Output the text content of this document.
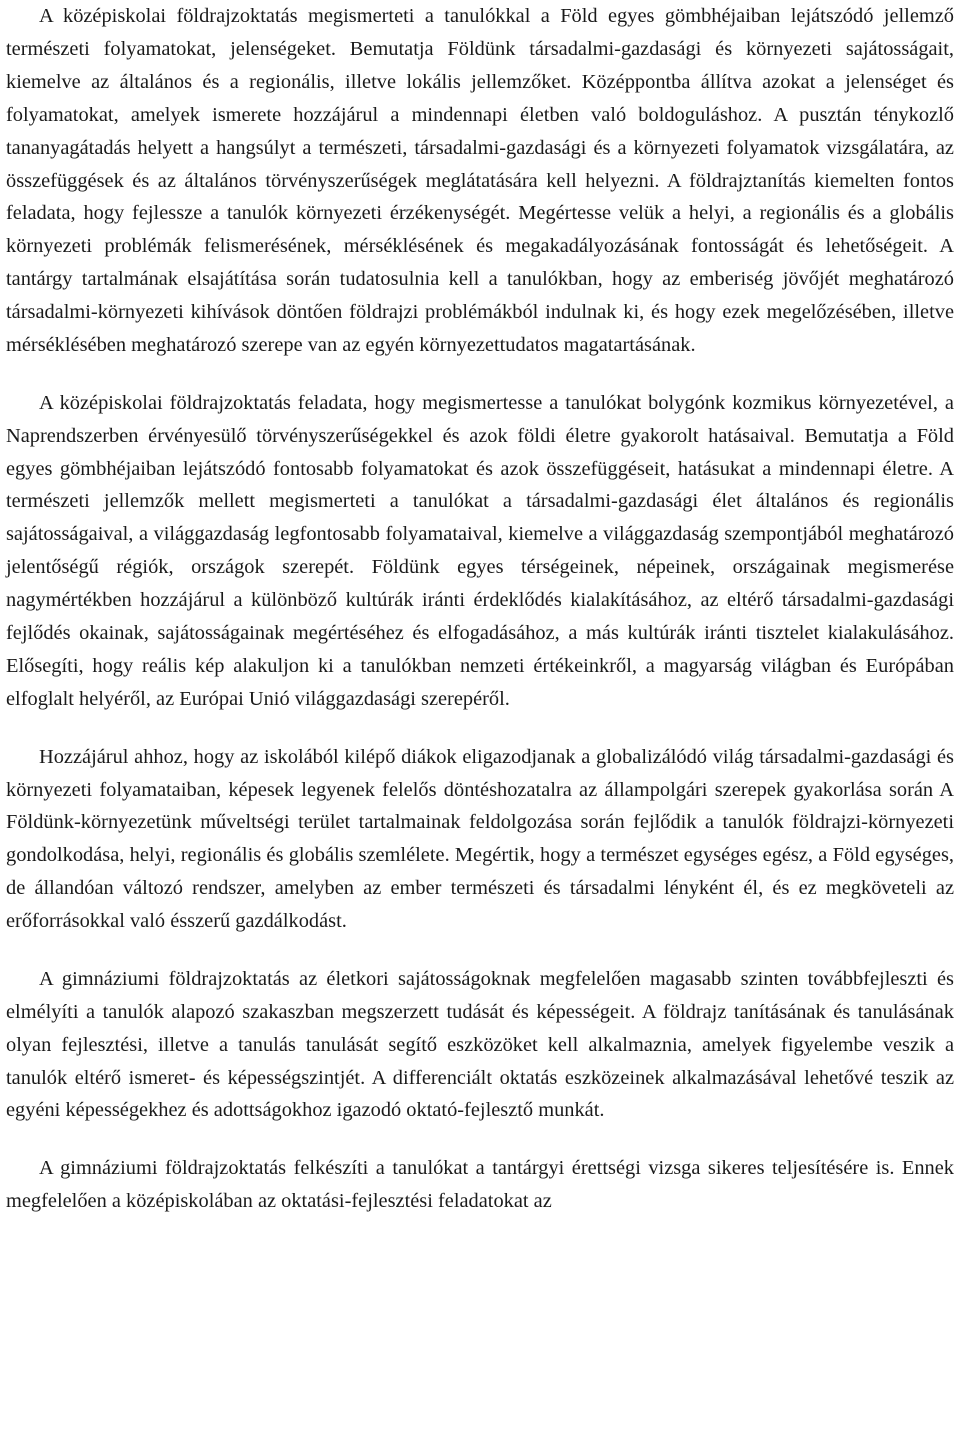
A középiskolai földrajzoktatás megismerteti a tanulókkal a Föld egyes gömbhéjaiban lejátszódó jellemző természeti folyamatokat, jelenségeket. Bemutatja Földünk társadalmi-gazdasági és környezeti sajátosságait, kiemelve az általános és a regionális, illetve lokális jellemzőket. Középpontba állítva azokat a jelenséget és folyamatokat, amelyek ismerete hozzájárul a mindennapi életben való boldoguláshoz. A pusztán ténykozlő tananyagátadás helyett a hangsúlyt a természeti, társadalmi-gazdasági és a környezeti folyamatok vizsgálatára, az összefüggések és az általános törvényszerűségek meglátatására kell helyezni. A földrajztanítás kiemelten fontos feladata, hogy fejlessze a tanulók környezeti érzékenységét. Megértesse velük a helyi, a regionális és a globális környezeti problémák felismerésének, mérséklésének és megakadályozásának fontosságát és lehetőségeit. A tantárgy tartalmának elsajátítása során tudatosulnia kell a tanulókban, hogy az emberiség jövőjét meghatározó társadalmi-környezeti kihívások döntően földrajzi problémákból indulnak ki, és hogy ezek megelőzésében, illetve mérséklésében meghatározó szerepe van az egyén környezettudatos magatartásának.

A középiskolai földrajzoktatás feladata, hogy megismertesse a tanulókat bolygónk kozmikus környezetével, a Naprendszerben érvényesülő törvényszerűségekkel és azok földi életre gyakorolt hatásaival. Bemutatja a Föld egyes gömbhéjaiban lejátszódó fontosabb folyamatokat és azok összefüggéseit, hatásukat a mindennapi életre. A természeti jellemzők mellett megismerteti a tanulókat a társadalmi-gazdasági élet általános és regionális sajátosságaival, a világgazdaság legfontosabb folyamataival, kiemelve a világgazdaság szempontjából meghatározó jelentőségű régiók, országok szerepét. Földünk egyes térségeinek, népeinek, országainak megismerése nagymértékben hozzájárul a különböző kultúrák iránti érdeklődés kialakításához, az eltérő társadalmi-gazdasági fejlődés okainak, sajátosságainak megértéséhez és elfogadásához, a más kultúrák iránti tisztelet kialakulásához. Elősegíti, hogy reális kép alakuljon ki a tanulókban nemzeti értékeinkről, a magyarság világban és Európában elfoglalt helyéről, az Európai Unió világgazdasági szerepéről.

Hozzájárul ahhoz, hogy az iskolából kilépő diákok eligazodjanak a globalizálódó világ társadalmi-gazdasági és környezeti folyamataiban, képesek legyenek felelős döntéshozatalra az állampolgári szerepek gyakorlása során A Földünk-környezetünk műveltségi terület tartalmainak feldolgozása során fejlődik a tanulók földrajzi-környezeti gondolkodása, helyi, regionális és globális szemlélete. Megértik, hogy a természet egységes egész, a Föld egységes, de állandóan változó rendszer, amelyben az ember természeti és társadalmi lényként él, és ez megköveteli az erőforrásokkal való ésszerű gazdálkodást.

A gimnáziumi földrajzoktatás az életkori sajátosságoknak megfelelően magasabb szinten továbbfejleszti és elmélyíti a tanulók alapozó szakaszban megszerzett tudását és képességeit. A földrajz tanításának és tanulásának olyan fejlesztési, illetve a tanulás tanulását segítő eszközöket kell alkalmaznia, amelyek figyelembe veszik a tanulók eltérő ismeret- és képességszintjét. A differenciált oktatás eszközeinek alkalmazásával lehetővé teszik az egyéni képességekhez és adottságokhoz igazodó oktató-fejlesztő munkát.

A gimnáziumi földrajzoktatás felkészíti a tanulókat a tantárgyi érettségi vizsga sikeres teljesítésére is. Ennek megfelelően a középiskolában az oktatási-fejlesztési feladatokat az
